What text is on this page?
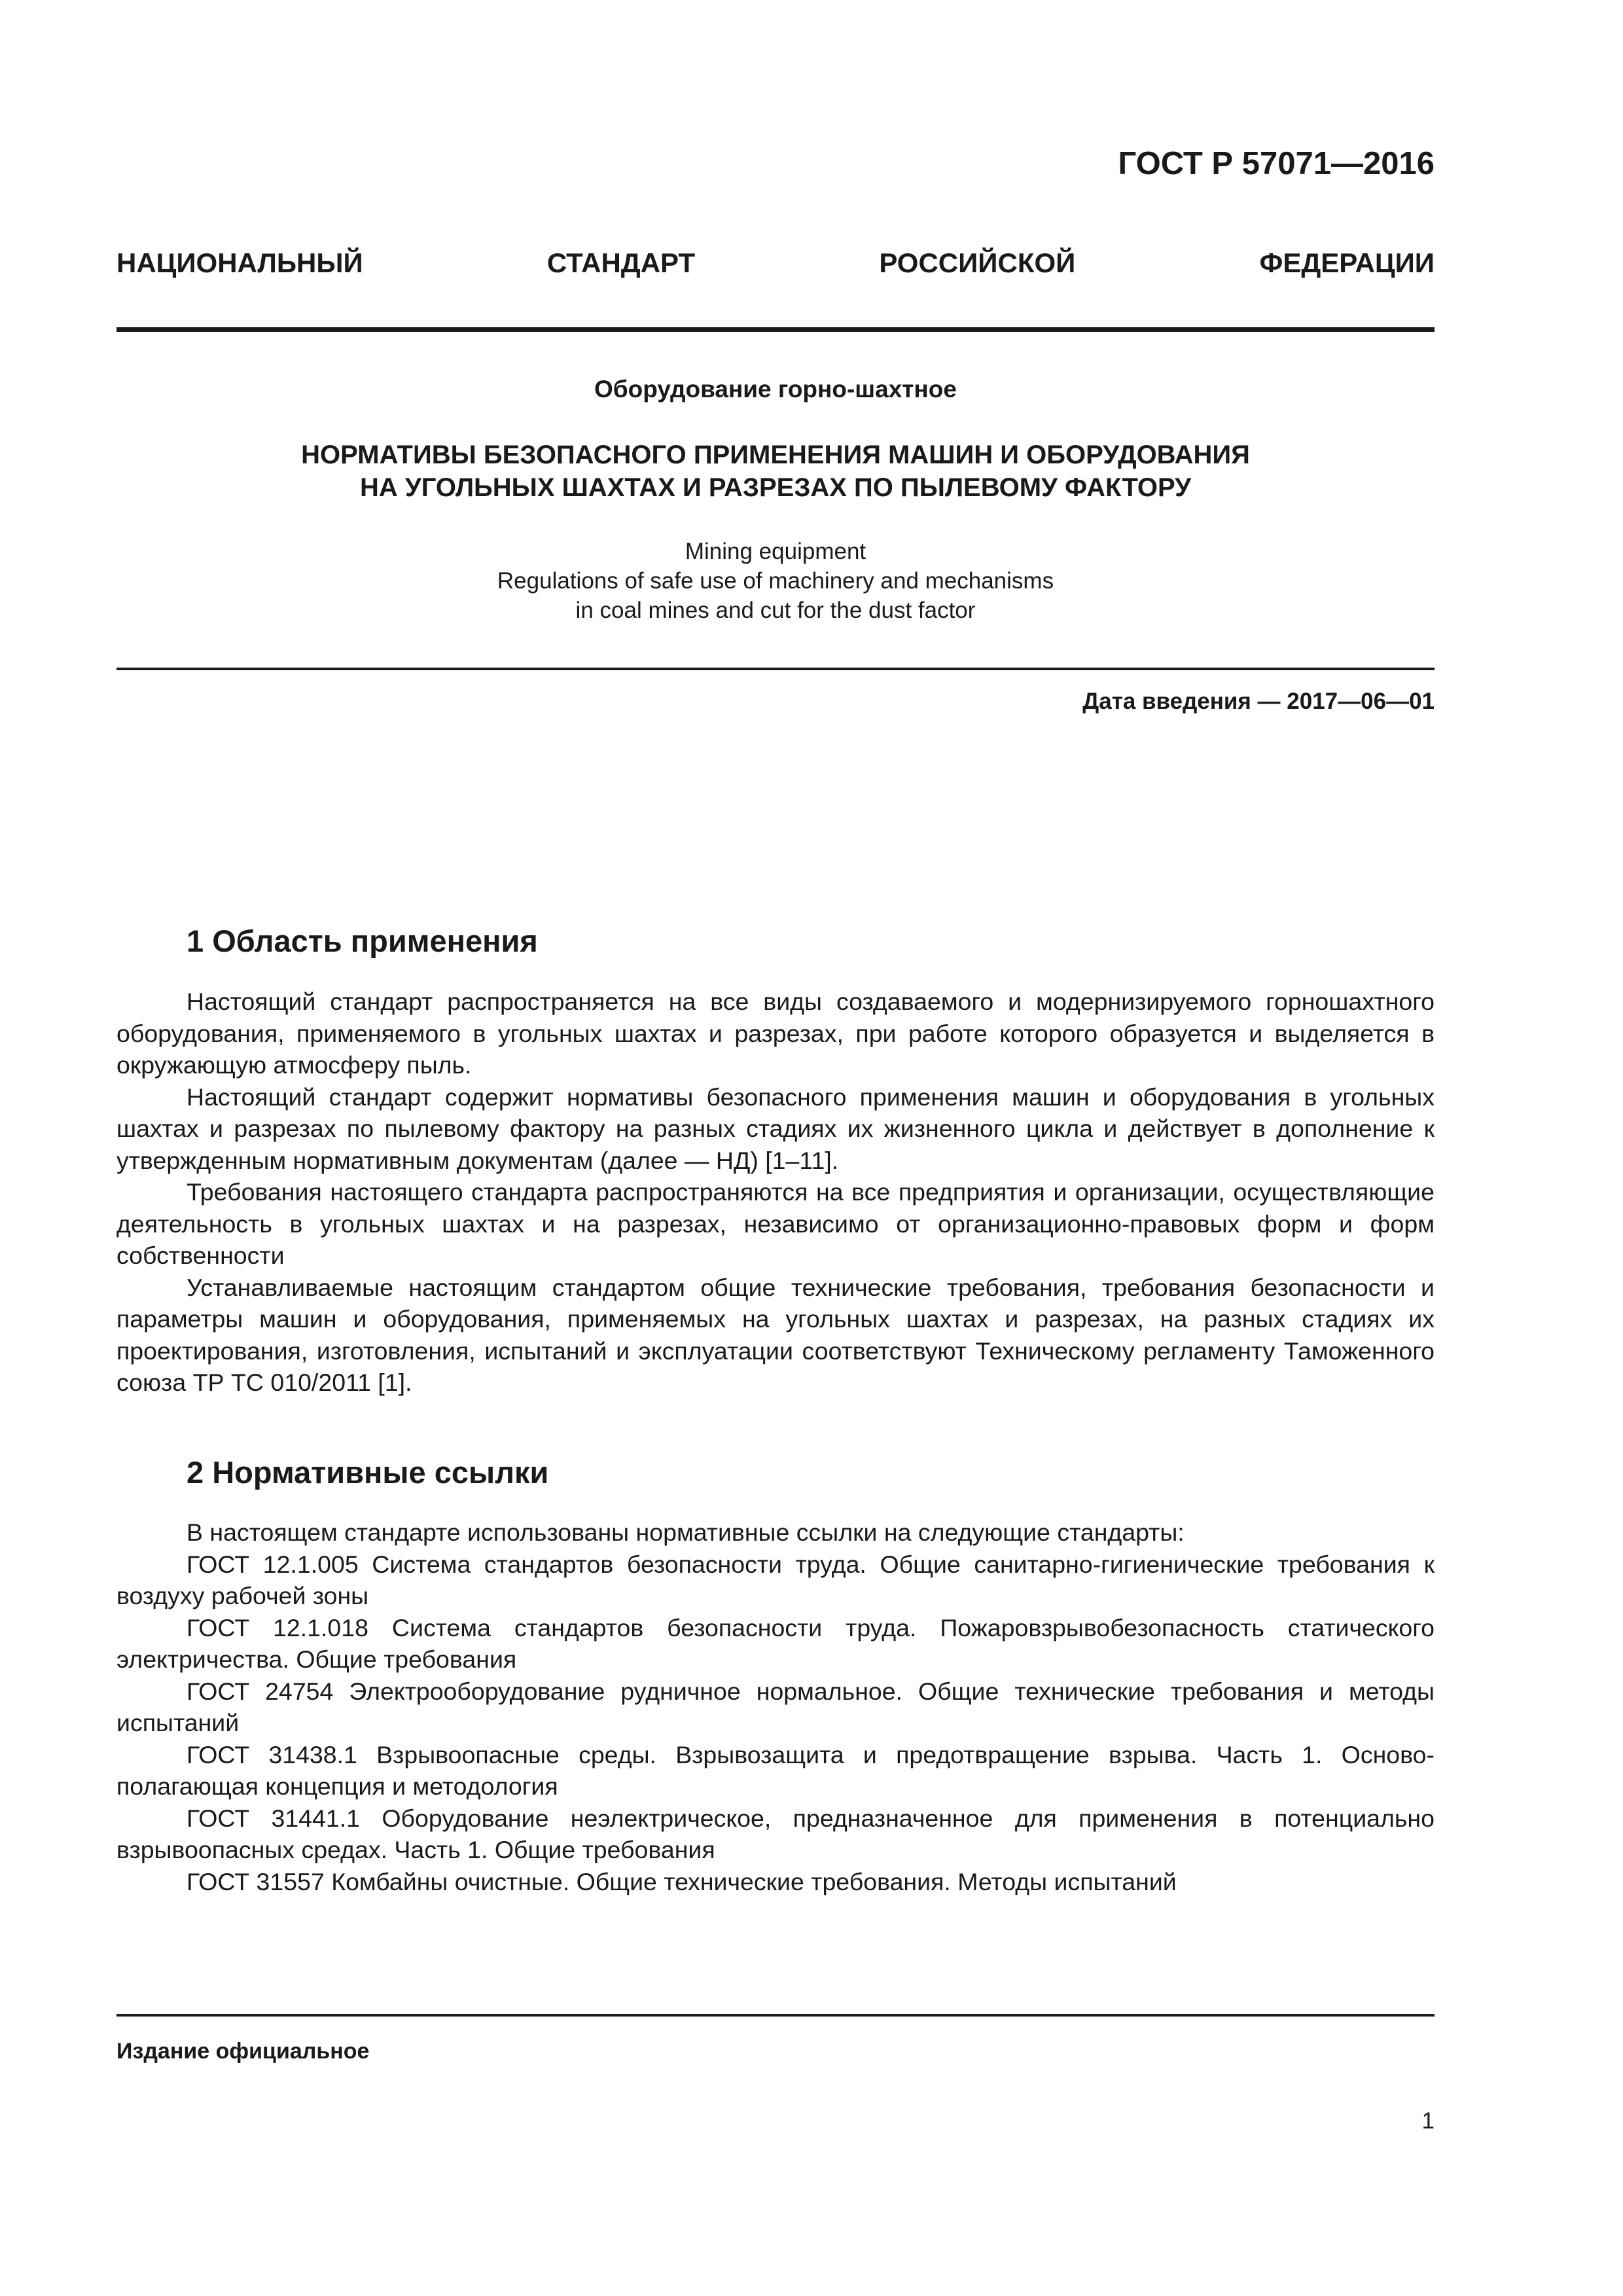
ГОСТ Р 57071—2016
НАЦИОНАЛЬНЫЙ СТАНДАРТ РОССИЙСКОЙ ФЕДЕРАЦИИ
Оборудование горно-шахтное
НОРМАТИВЫ БЕЗОПАСНОГО ПРИМЕНЕНИЯ МАШИН И ОБОРУДОВАНИЯ
НА УГОЛЬНЫХ ШАХТАХ И РАЗРЕЗАХ ПО ПЫЛЕВОМУ ФАКТОРУ
Mining equipment
Regulations of safe use of machinery and mechanisms
in coal mines and cut for the dust factor
Дата введения — 2017—06—01
1 Область применения

Настоящий стандарт распространяется на все виды создаваемого и модернизируемого горношахтного оборудования, применяемого в угольных шахтах и разрезах, при работе которого образуется и выделяется в окружающую атмосферу пыль.

Настоящий стандарт содержит нормативы безопасного применения машин и оборудования в угольных шахтах и разрезах по пылевому фактору на разных стадиях их жизненного цикла и действует в дополнение к утвержденным нормативным документам (далее — НД) [1–11].

Требования настоящего стандарта распространяются на все предприятия и организации, осуществляющие деятельность в угольных шахтах и на разрезах, независимо от организационно-правовых форм и форм собственности

Устанавливаемые настоящим стандартом общие технические требования, требования безопасности и параметры машин и оборудования, применяемых на угольных шахтах и разрезах, на разных стадиях их проектирования, изготовления, испытаний и эксплуатации соответствуют Техническому регламенту Таможенного союза ТР ТС 010/2011 [1].

2 Нормативные ссылки

В настоящем стандарте использованы нормативные ссылки на следующие стандарты:

ГОСТ 12.1.005 Система стандартов безопасности труда. Общие санитарно-гигиенические требования к воздуху рабочей зоны

ГОСТ 12.1.018 Система стандартов безопасности труда. Пожаровзрывобезопасность статического электричества. Общие требования

ГОСТ 24754 Электрооборудование рудничное нормальное. Общие технические требования и методы испытаний

ГОСТ 31438.1 Взрывоопасные среды. Взрывозащита и предотвращение взрыва. Часть 1. Основополагающая концепция и методология

ГОСТ 31441.1 Оборудование неэлектрическое, предназначенное для применения в потенциально взрывоопасных средах. Часть 1. Общие требования

ГОСТ 31557 Комбайны очистные. Общие технические требования. Методы испытаний

Издание официальное
1
